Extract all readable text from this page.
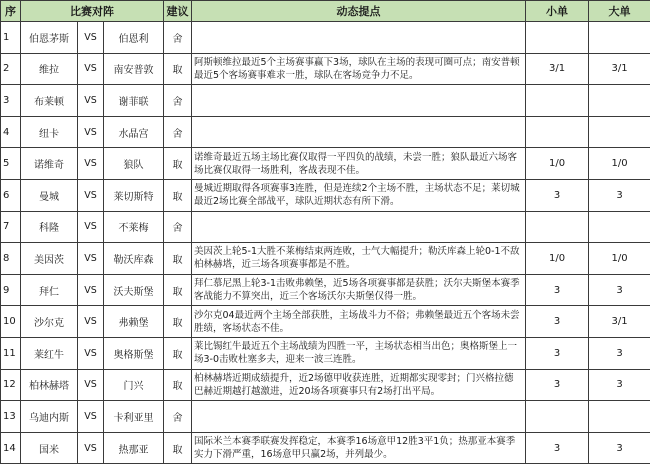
序	比赛对阵			建议	动态提点	小单	大单
1	伯恩茅斯	VS	伯恩利	舍			
2	维拉	VS	南安普敦	取	阿斯顿维拉最近5个主场赛事赢下3场，球队在主场的表现可圈可点；南安普顿最近5个客场赛事难求一胜，球队在客场竞争力不足。	3/1	3/1
3	布莱顿	VS	谢菲联	舍			
4	纽卡	VS	水晶宫	舍			
5	诺维奇	VS	狼队	取	诺维奇最近五场主场比赛仅取得一平四负的战绩，未尝一胜；狼队最近六场客场比赛仅取得一场胜利，客战表现不佳。	1/0	1/0
6	曼城	VS	莱切斯特	取	曼城近期取得各项赛事3连胜，但是连续2个主场不胜，主场状态不足；莱切城最近2场比赛全部战平，球队近期状态有所下滑。	3	3
7	科隆	VS	不莱梅	舍			
8	美因茨	VS	勒沃库森	取	美因茨上轮5-1大胜不莱梅结束两连败，士气大幅提升；勒沃库森上轮0-1不敌柏林赫塔，近三场各项赛事都是不胜。	1/0	1/0
9	拜仁	VS	沃夫斯堡	取	拜仁慕尼黑上轮3-1击败弗赖堡，近5场各项赛事都是获胜；沃尔夫斯堡本赛季客战能力不算突出，近三个客场沃尔夫斯堡仅得一胜。	3	3
10	沙尔克	VS	弗赖堡	取	沙尔克04最近两个主场全部获胜，主场战斗力不俗；弗赖堡最近五个客场未尝胜绩，客场状态不佳。	3	3/1
11	莱红牛	VS	奥格斯堡	取	莱比锡红牛最近五个主场战绩为四胜一平，主场状态相当出色；奥格斯堡上一场3-0击败杜塞多夫，迎来一波三连胜。	3	3
12	柏林赫塔	VS	门兴	取	柏林赫塔近期成绩提升，近2场德甲收获连胜，近期都实现零封；门兴格拉德巴赫近期越打越激进，近20场各项赛事只有2场打出平局。	3	3
13	乌迪内斯	VS	卡利亚里	舍			
14	国米	VS	热那亚	取	国际米兰本赛季联赛发挥稳定，本赛季16场意甲12胜3平1负；热那亚本赛季实力下滑严重，16场意甲只赢2场，并列最少。	3	3
